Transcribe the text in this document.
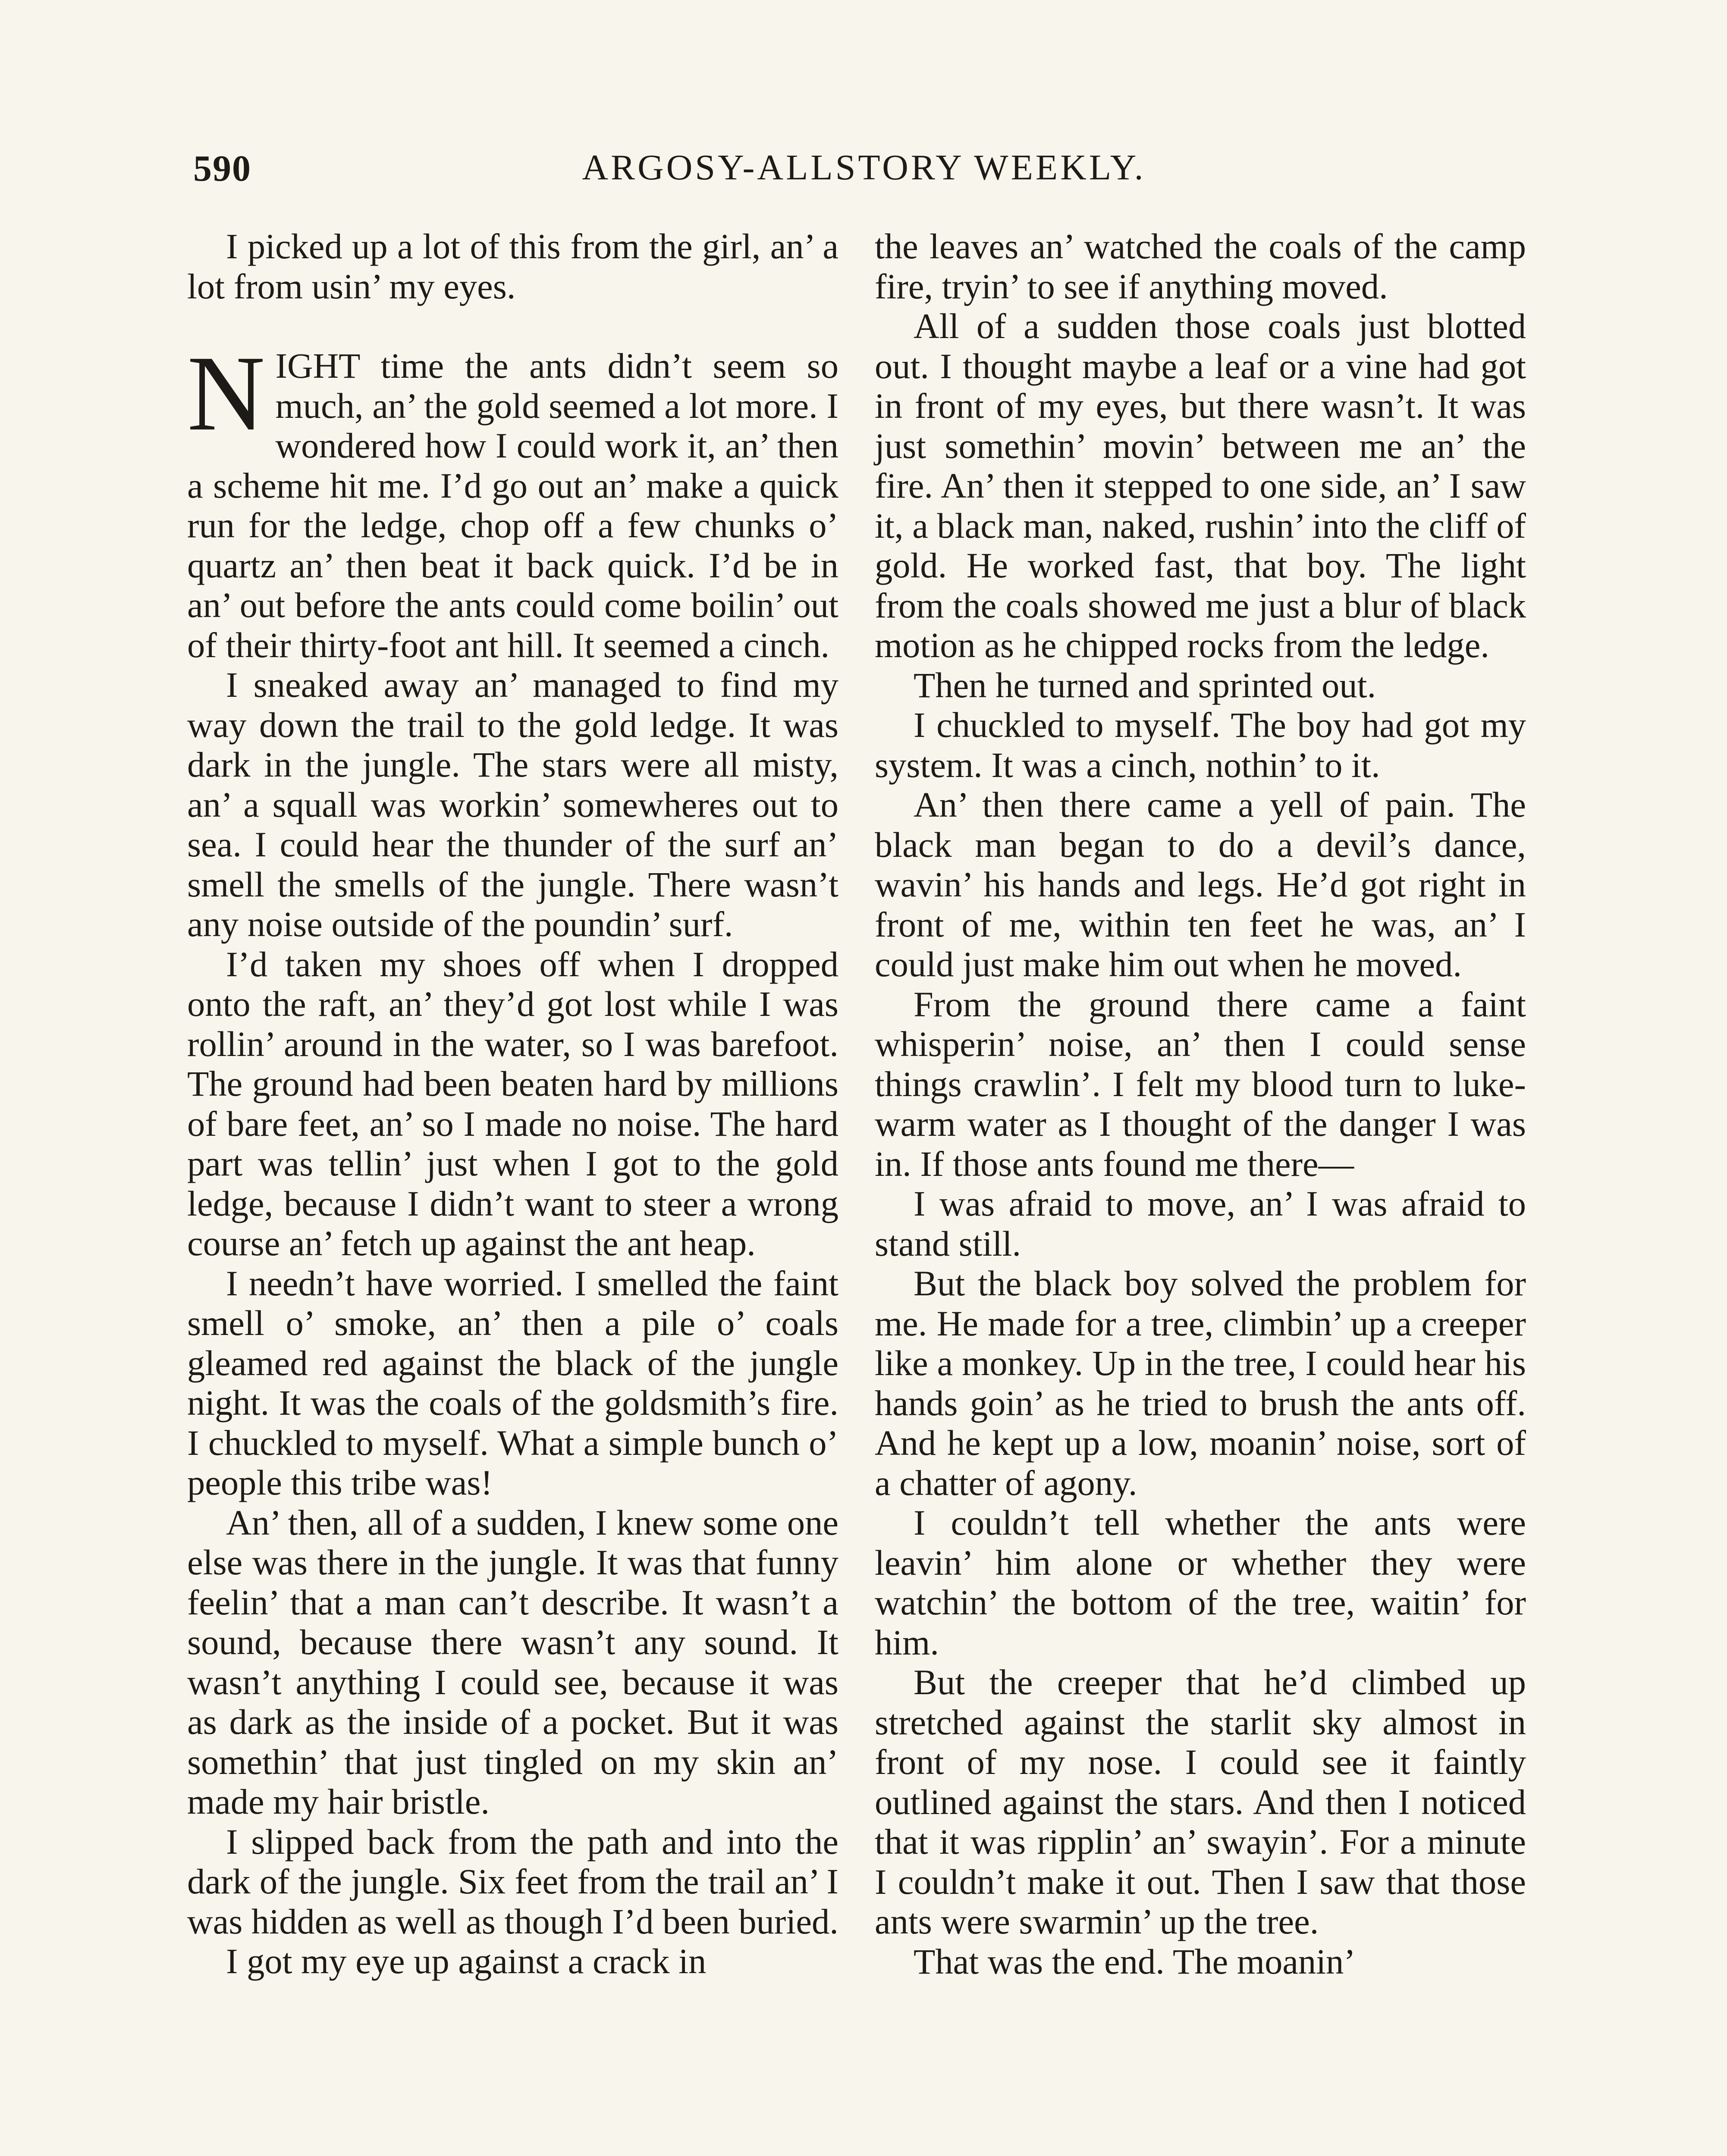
590	ARGOSY-ALLSTORY WEEKLY.

I picked up a lot of this from the girl, an’ a lot from usin’ my eyes.

NIGHT time the ants didn’t seem so much, an’ the gold seemed a lot more. I wondered how I could work it, an’ then a scheme hit me. I’d go out an’ make a quick run for the ledge, chop off a few chunks o’ quartz an’ then beat it back quick. I’d be in an’ out before the ants could come boilin’ out of their thirty-foot ant hill. It seemed a cinch.

I sneaked away an’ managed to find my way down the trail to the gold ledge. It was dark in the jungle. The stars were all misty, an’ a squall was workin’ somewheres out to sea. I could hear the thunder of the surf an’ smell the smells of the jungle. There wasn’t any noise outside of the poundin’ surf.

I’d taken my shoes off when I dropped onto the raft, an’ they’d got lost while I was rollin’ around in the water, so I was barefoot. The ground had been beaten hard by millions of bare feet, an’ so I made no noise. The hard part was tellin’ just when I got to the gold ledge, because I didn’t want to steer a wrong course an’ fetch up against the ant heap.

I needn’t have worried. I smelled the faint smell o’ smoke, an’ then a pile o’ coals gleamed red against the black of the jungle night. It was the coals of the goldsmith’s fire. I chuckled to myself. What a simple bunch o’ people this tribe was!

An’ then, all of a sudden, I knew some one else was there in the jungle. It was that funny feelin’ that a man can’t describe. It wasn’t a sound, because there wasn’t any sound. It wasn’t anything I could see, because it was as dark as the inside of a pocket. But it was somethin’ that just tingled on my skin an’ made my hair bristle.

I slipped back from the path and into the dark of the jungle. Six feet from the trail an’ I was hidden as well as though I’d been buried.

I got my eye up against a crack in

the leaves an’ watched the coals of the camp fire, tryin’ to see if anything moved.

All of a sudden those coals just blotted out. I thought maybe a leaf or a vine had got in front of my eyes, but there wasn’t. It was just somethin’ movin’ between me an’ the fire. An’ then it stepped to one side, an’ I saw it, a black man, naked, rushin’ into the cliff of gold. He worked fast, that boy. The light from the coals showed me just a blur of black motion as he chipped rocks from the ledge.

Then he turned and sprinted out.

I chuckled to myself. The boy had got my system. It was a cinch, nothin’ to it.

An’ then there came a yell of pain. The black man began to do a devil’s dance, wavin’ his hands and legs. He’d got right in front of me, within ten feet he was, an’ I could just make him out when he moved.

From the ground there came a faint whisperin’ noise, an’ then I could sense things crawlin’. I felt my blood turn to luke-warm water as I thought of the danger I was in. If those ants found me there—

I was afraid to move, an’ I was afraid to stand still.

But the black boy solved the problem for me. He made for a tree, climbin’ up a creeper like a monkey. Up in the tree, I could hear his hands goin’ as he tried to brush the ants off. And he kept up a low, moanin’ noise, sort of a chatter of agony.

I couldn’t tell whether the ants were leavin’ him alone or whether they were watchin’ the bottom of the tree, waitin’ for him.

But the creeper that he’d climbed up stretched against the starlit sky almost in front of my nose. I could see it faintly outlined against the stars. And then I noticed that it was ripplin’ an’ swayin’. For a minute I couldn’t make it out. Then I saw that those ants were swarmin’ up the tree.

That was the end. The moanin’
